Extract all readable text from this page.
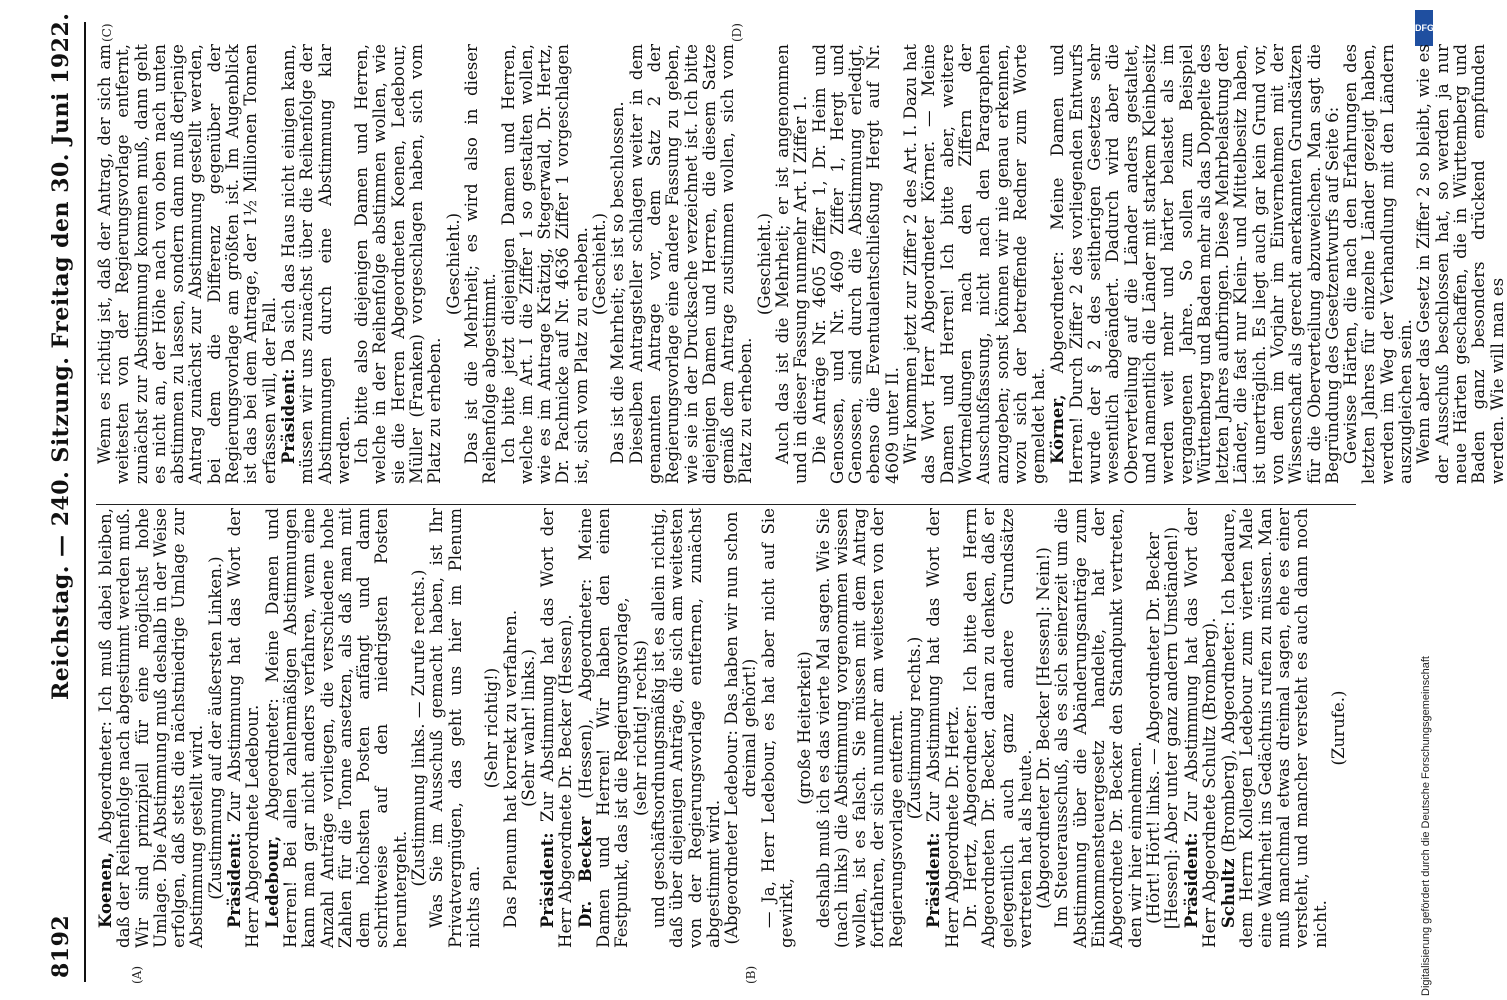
DFG
Digitalisierung gefördert durch die Deutsche Forschungsgemeinschaft
8192
Reichstag. — 240. Sitzung. Freitag den 30. Juni 1922.
(A)	(B)
(C)	(D)

Koenen, Abgeordneter: Ich muß dabei bleiben, daß der Reihenfolge nach abgestimmt werden muß. Wir sind prinzipiell für eine möglichst hohe Umlage. Die Abstimmung muß deshalb in der Weise erfolgen, daß stets die nächstniedrige Umlage zur Abstimmung gestellt wird. (Zustimmung auf der äußersten Linken.) Präsident: Zur Abstimmung hat das Wort der Herr Abgeordnete Ledebour. Ledebour, Abgeordneter: Meine Damen und Herren! Bei allen zahlenmäßigen Abstimmungen kann man gar nicht anders verfahren, wenn eine Anzahl Anträge vorliegen, die verschiedene hohe Zahlen für die Tonne ansetzen, als daß man mit dem höchsten Posten anfängt und dann schrittweise auf den niedrigsten Posten heruntergeht.

(Zustimmung links. — Zurufe rechts.) Was Sie im Ausschuß gemacht haben, ist Ihr Privatvergnügen, das geht uns hier im Plenum nichts an.

(Sehr richtig!) Das Plenum hat korrekt zu verfahren. (Sehr wahr! links.)

Präsident: Zur Abstimmung hat das Wort der Herr Abgeordnete Dr. Becker (Hessen). Dr. Becker (Hessen), Abgeordneter: Meine Damen und Herren! Wir haben den einen Festpunkt, das ist die Regierungsvorlage, (sehr richtig! rechts) und geschäftsordnungsmäßig ist es allein richtig, daß über diejenigen Anträge, die sich am weitesten von der Regierungsvorlage entfernen, zunächst abgestimmt wird. (Abgeordneter Ledebour: Das haben wir nun schon dreimal gehört!) — Ja, Herr Ledebour, es hat aber nicht auf Sie gewirkt,

(große Heiterkeit) deshalb muß ich es das vierte Mal sagen. Wie Sie (nach links) die Abstimmung vorgenommen wissen wollen, ist es falsch. Sie müssen mit dem Antrag fortfahren, der sich nunmehr am weitesten von der Regierungsvorlage entfernt. (Zustimmung rechts.)

Präsident: Zur Abstimmung hat das Wort der Herr Abgeordnete Dr. Hertz. Dr. Hertz, Abgeordneter: Ich bitte den Herrn Abgeordneten Dr. Becker, daran zu denken, daß er gelegentlich auch ganz andere Grundsätze vertreten hat als heute. (Abgeordneter Dr. Becker [Hessen]: Nein!) Im Steuerausschuß, als es sich seinerzeit um die Abstimmung über die Abänderungsanträge zum Einkommensteuergesetz handelte, hat der Abgeordnete Dr. Becker den Standpunkt vertreten, den wir hier einnehmen. (Hört! Hört! links. — Abgeordneter Dr. Becker [Hessen]: Aber unter ganz andern Umständen!) Präsident: Zur Abstimmung hat das Wort der Herr Abgeordnete Schultz (Bromberg). Schultz (Bromberg), Abgeordneter: Ich bedaure, dem Herrn Kollegen Ledebour zum vierten Male eine Wahrheit ins Gedächtnis rufen zu müssen. Man muß manchmal etwas dreimal sagen, ehe es einer versteht, und mancher versteht es auch dann noch nicht.

(Zurufe.)

Wenn es richtig ist, daß der Antrag, der sich am weitesten von der Regierungsvorlage entfernt, zunächst zur Abstimmung kommen muß, dann geht es nicht an, der Höhe nach von oben nach unten abstimmen zu lassen, sondern dann muß derjenige Antrag zunächst zur Abstimmung gestellt werden, bei dem die Differenz gegenüber der Regierungsvorlage am größten ist. Im Augenblick ist das bei dem Antrage, der 1½ Millionen Tonnen erfassen will, der Fall. Präsident: Da sich das Haus nicht einigen kann, müssen wir uns zunächst über die Reihenfolge der Abstimmungen durch eine Abstimmung klar werden. Ich bitte also diejenigen Damen und Herren, welche in der Reihenfolge abstimmen wollen, wie sie die Herren Abgeordneten Koenen, Ledebour, Müller (Franken) vorgeschlagen haben, sich vom Platz zu erheben.

(Geschieht.) Das ist die Mehrheit; es wird also in dieser Reihenfolge abgestimmt. Ich bitte jetzt diejenigen Damen und Herren, welche im Art. I die Ziffer 1 so gestalten wollen, wie es im Antrage Krätzig, Stegerwald, Dr. Hertz, Dr. Pachnicke auf Nr. 4636 Ziffer 1 vorgeschlagen ist, sich vom Platz zu erheben. (Geschieht.) Das ist die Mehrheit; es ist so beschlossen. Dieselben Antragsteller schlagen weiter in dem genannten Antrage vor, dem Satz 2 der Regierungsvorlage eine andere Fassung zu geben, wie sie in der Drucksache verzeichnet ist. Ich bitte diejenigen Damen und Herren, die diesem Satze gemäß dem Antrage zustimmen wollen, sich vom Platz zu erheben.

(Geschieht.) Auch das ist die Mehrheit; er ist angenommen und in dieser Fassung nunmehr Art. I Ziffer 1. Die Anträge Nr. 4605 Ziffer 1, Dr. Heim und Genossen, und Nr. 4609 Ziffer 1, Hergt und Genossen, sind durch die Abstimmung erledigt, ebenso die Eventualentschließung Hergt auf Nr. 4609 unter II. Wir kommen jetzt zur Ziffer 2 des Art. I. Dazu hat das Wort Herr Abgeordneter Körner. — Meine Damen und Herren! Ich bitte aber, weitere Wortmeldungen nach den Ziffern der Ausschußfassung, nicht nach den Paragraphen anzugeben; sonst können wir nie genau erkennen, wozu sich der betreffende Redner zum Worte gemeldet hat. Körner, Abgeordneter: Meine Damen und Herren! Durch Ziffer 2 des vorliegenden Entwurfs wurde der § 2 des seitherigen Gesetzes sehr wesentlich abgeändert. Dadurch wird aber die Oberverteilung auf die Länder anders gestaltet, und namentlich die Länder mit starkem Kleinbesitz werden weit mehr und härter belastet als im vergangenen Jahre. So sollen zum Beispiel Württemberg und Baden mehr als das Doppelte des letzten Jahres aufbringen. Diese Mehrbelastung der Länder, die fast nur Klein- und Mittelbesitz haben, ist unerträglich. Es liegt auch gar kein Grund vor, von dem im Vorjahr im Einvernehmen mit der Wissenschaft als gerecht anerkannten Grundsätzen für die Oberverteilung abzuweichen. Man sagt die Begründung des Gesetzentwurfs auf Seite 6: Gewisse Härten, die nach den Erfahrungen des letzten Jahres für einzelne Länder gezeigt haben, werden im Weg der Verhandlung mit den Ländern auszugleichen sein. Wenn aber das Gesetz in Ziffer 2 so bleibt, wie es der Ausschuß beschlossen hat, so werden ja nur neue Härten geschaffen, die in Württemberg und Baden ganz besonders drückend empfunden werden. Wie will man es
